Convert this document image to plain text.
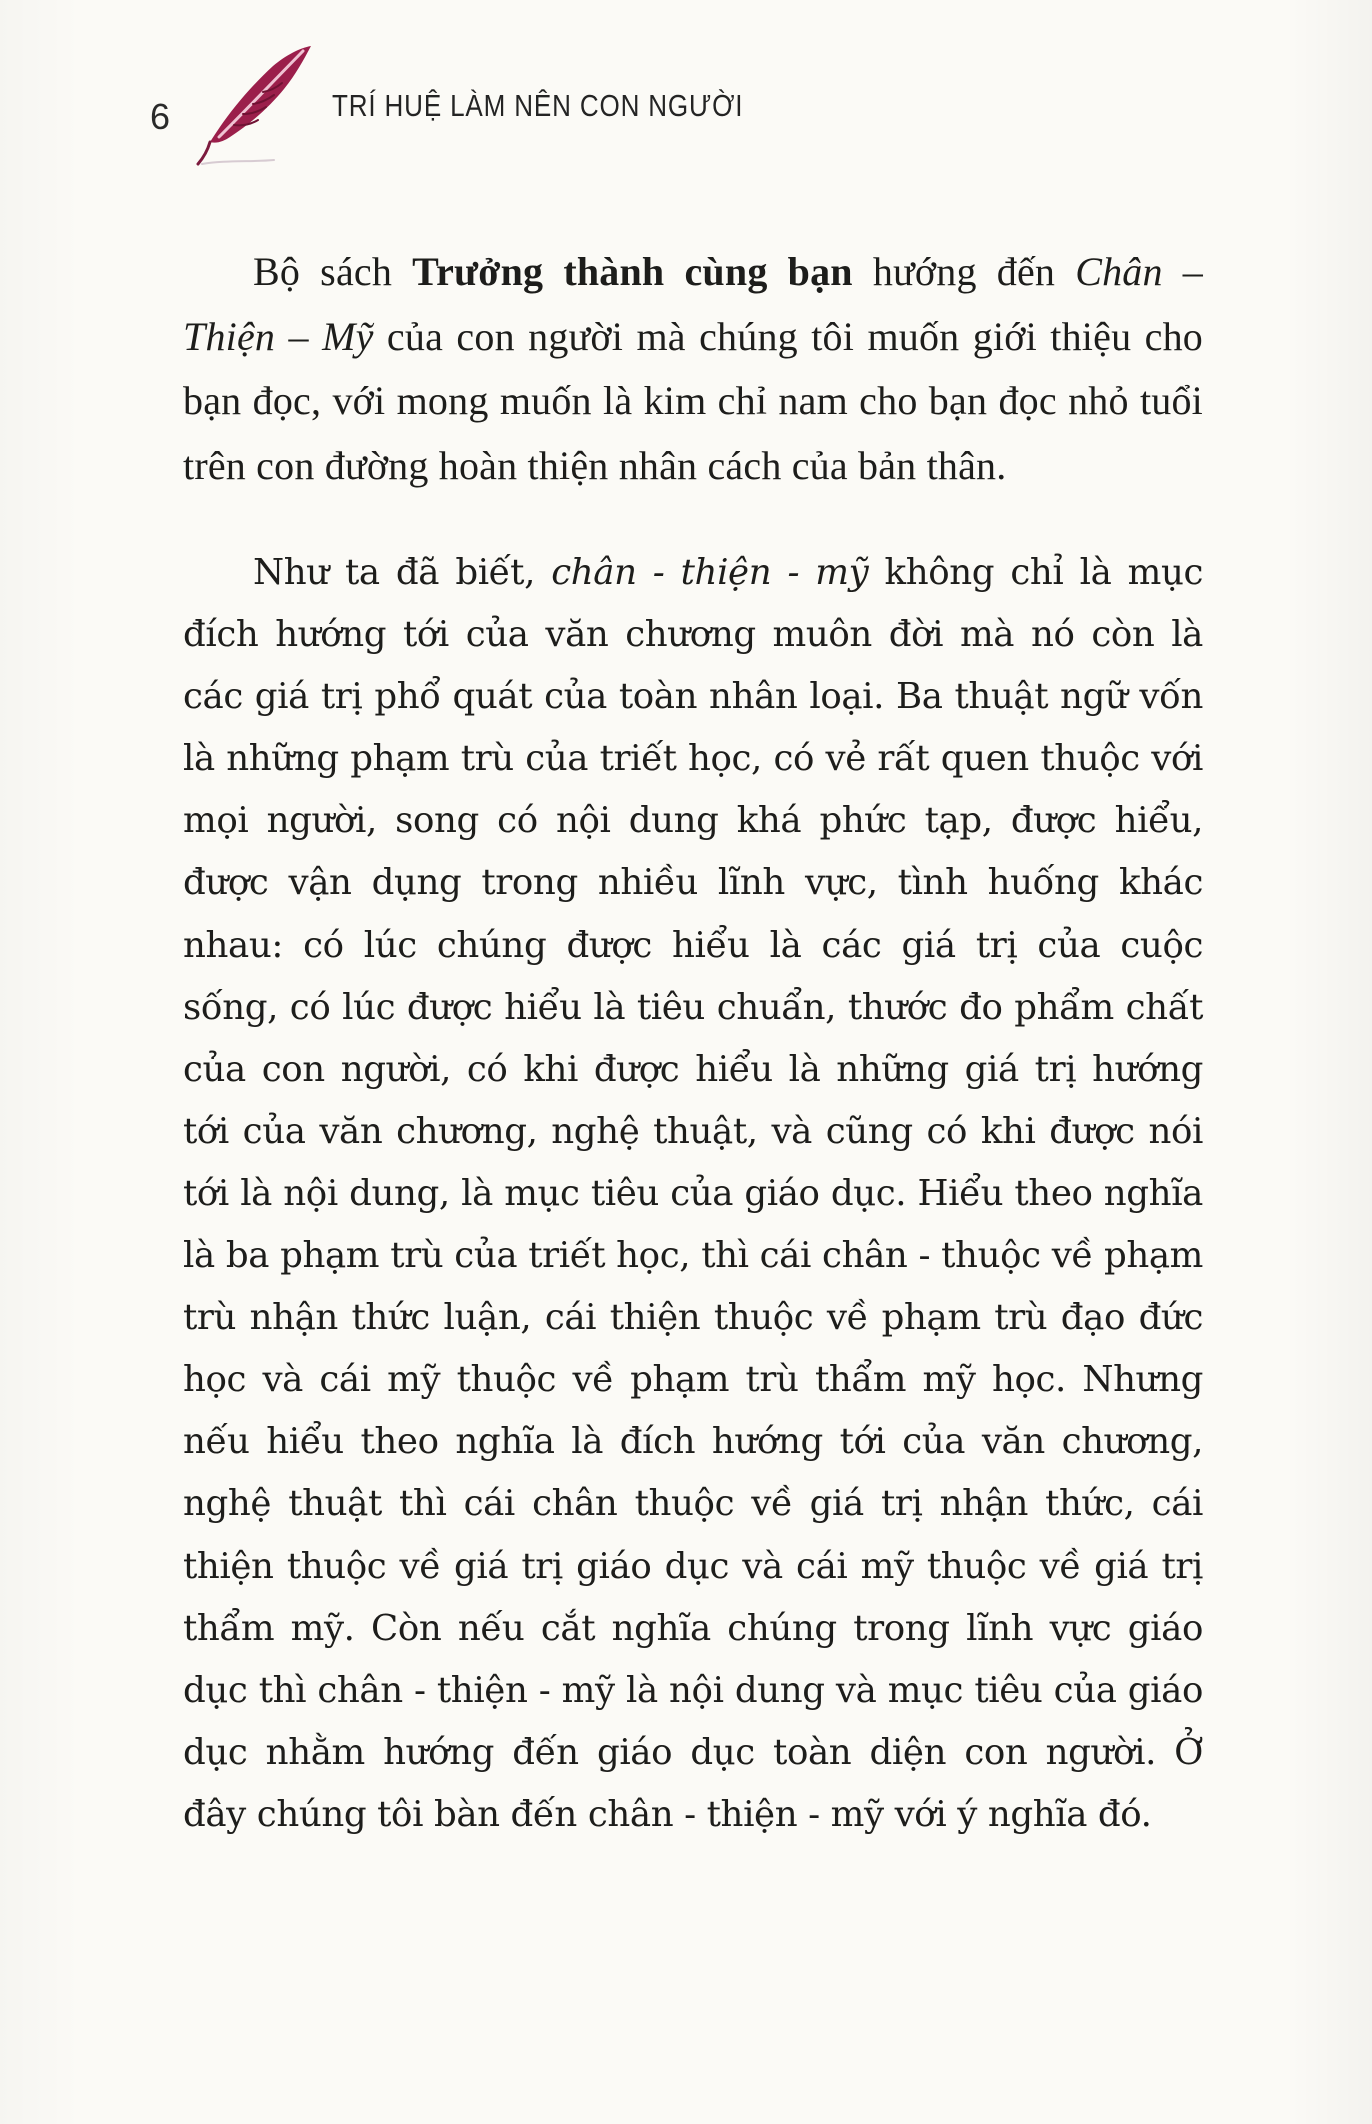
6	TRÍ HUỆ LÀM NÊN CON NGƯỜI

Bộ sách Trưởng thành cùng bạn hướng đến Chân – Thiện – Mỹ của con người mà chúng tôi muốn giới thiệu cho bạn đọc, với mong muốn là kim chỉ nam cho bạn đọc nhỏ tuổi trên con đường hoàn thiện nhân cách của bản thân.

Như ta đã biết, chân - thiện - mỹ không chỉ là mục đích hướng tới của văn chương muôn đời mà nó còn là các giá trị phổ quát của toàn nhân loại. Ba thuật ngữ vốn là những phạm trù của triết học, có vẻ rất quen thuộc với mọi người, song có nội dung khá phức tạp, được hiểu, được vận dụng trong nhiều lĩnh vực, tình huống khác nhau: có lúc chúng được hiểu là các giá trị của cuộc sống, có lúc được hiểu là tiêu chuẩn, thước đo phẩm chất của con người, có khi được hiểu là những giá trị hướng tới của văn chương, nghệ thuật, và cũng có khi được nói tới là nội dung, là mục tiêu của giáo dục. Hiểu theo nghĩa là ba phạm trù của triết học, thì cái chân - thuộc về phạm trù nhận thức luận, cái thiện thuộc về phạm trù đạo đức học và cái mỹ thuộc về phạm trù thẩm mỹ học. Nhưng nếu hiểu theo nghĩa là đích hướng tới của văn chương, nghệ thuật thì cái chân thuộc về giá trị nhận thức, cái thiện thuộc về giá trị giáo dục và cái mỹ thuộc về giá trị thẩm mỹ. Còn nếu cắt nghĩa chúng trong lĩnh vực giáo dục thì chân - thiện - mỹ là nội dung và mục tiêu của giáo dục nhằm hướng đến giáo dục toàn diện con người. Ở đây chúng tôi bàn đến chân - thiện - mỹ với ý nghĩa đó.
